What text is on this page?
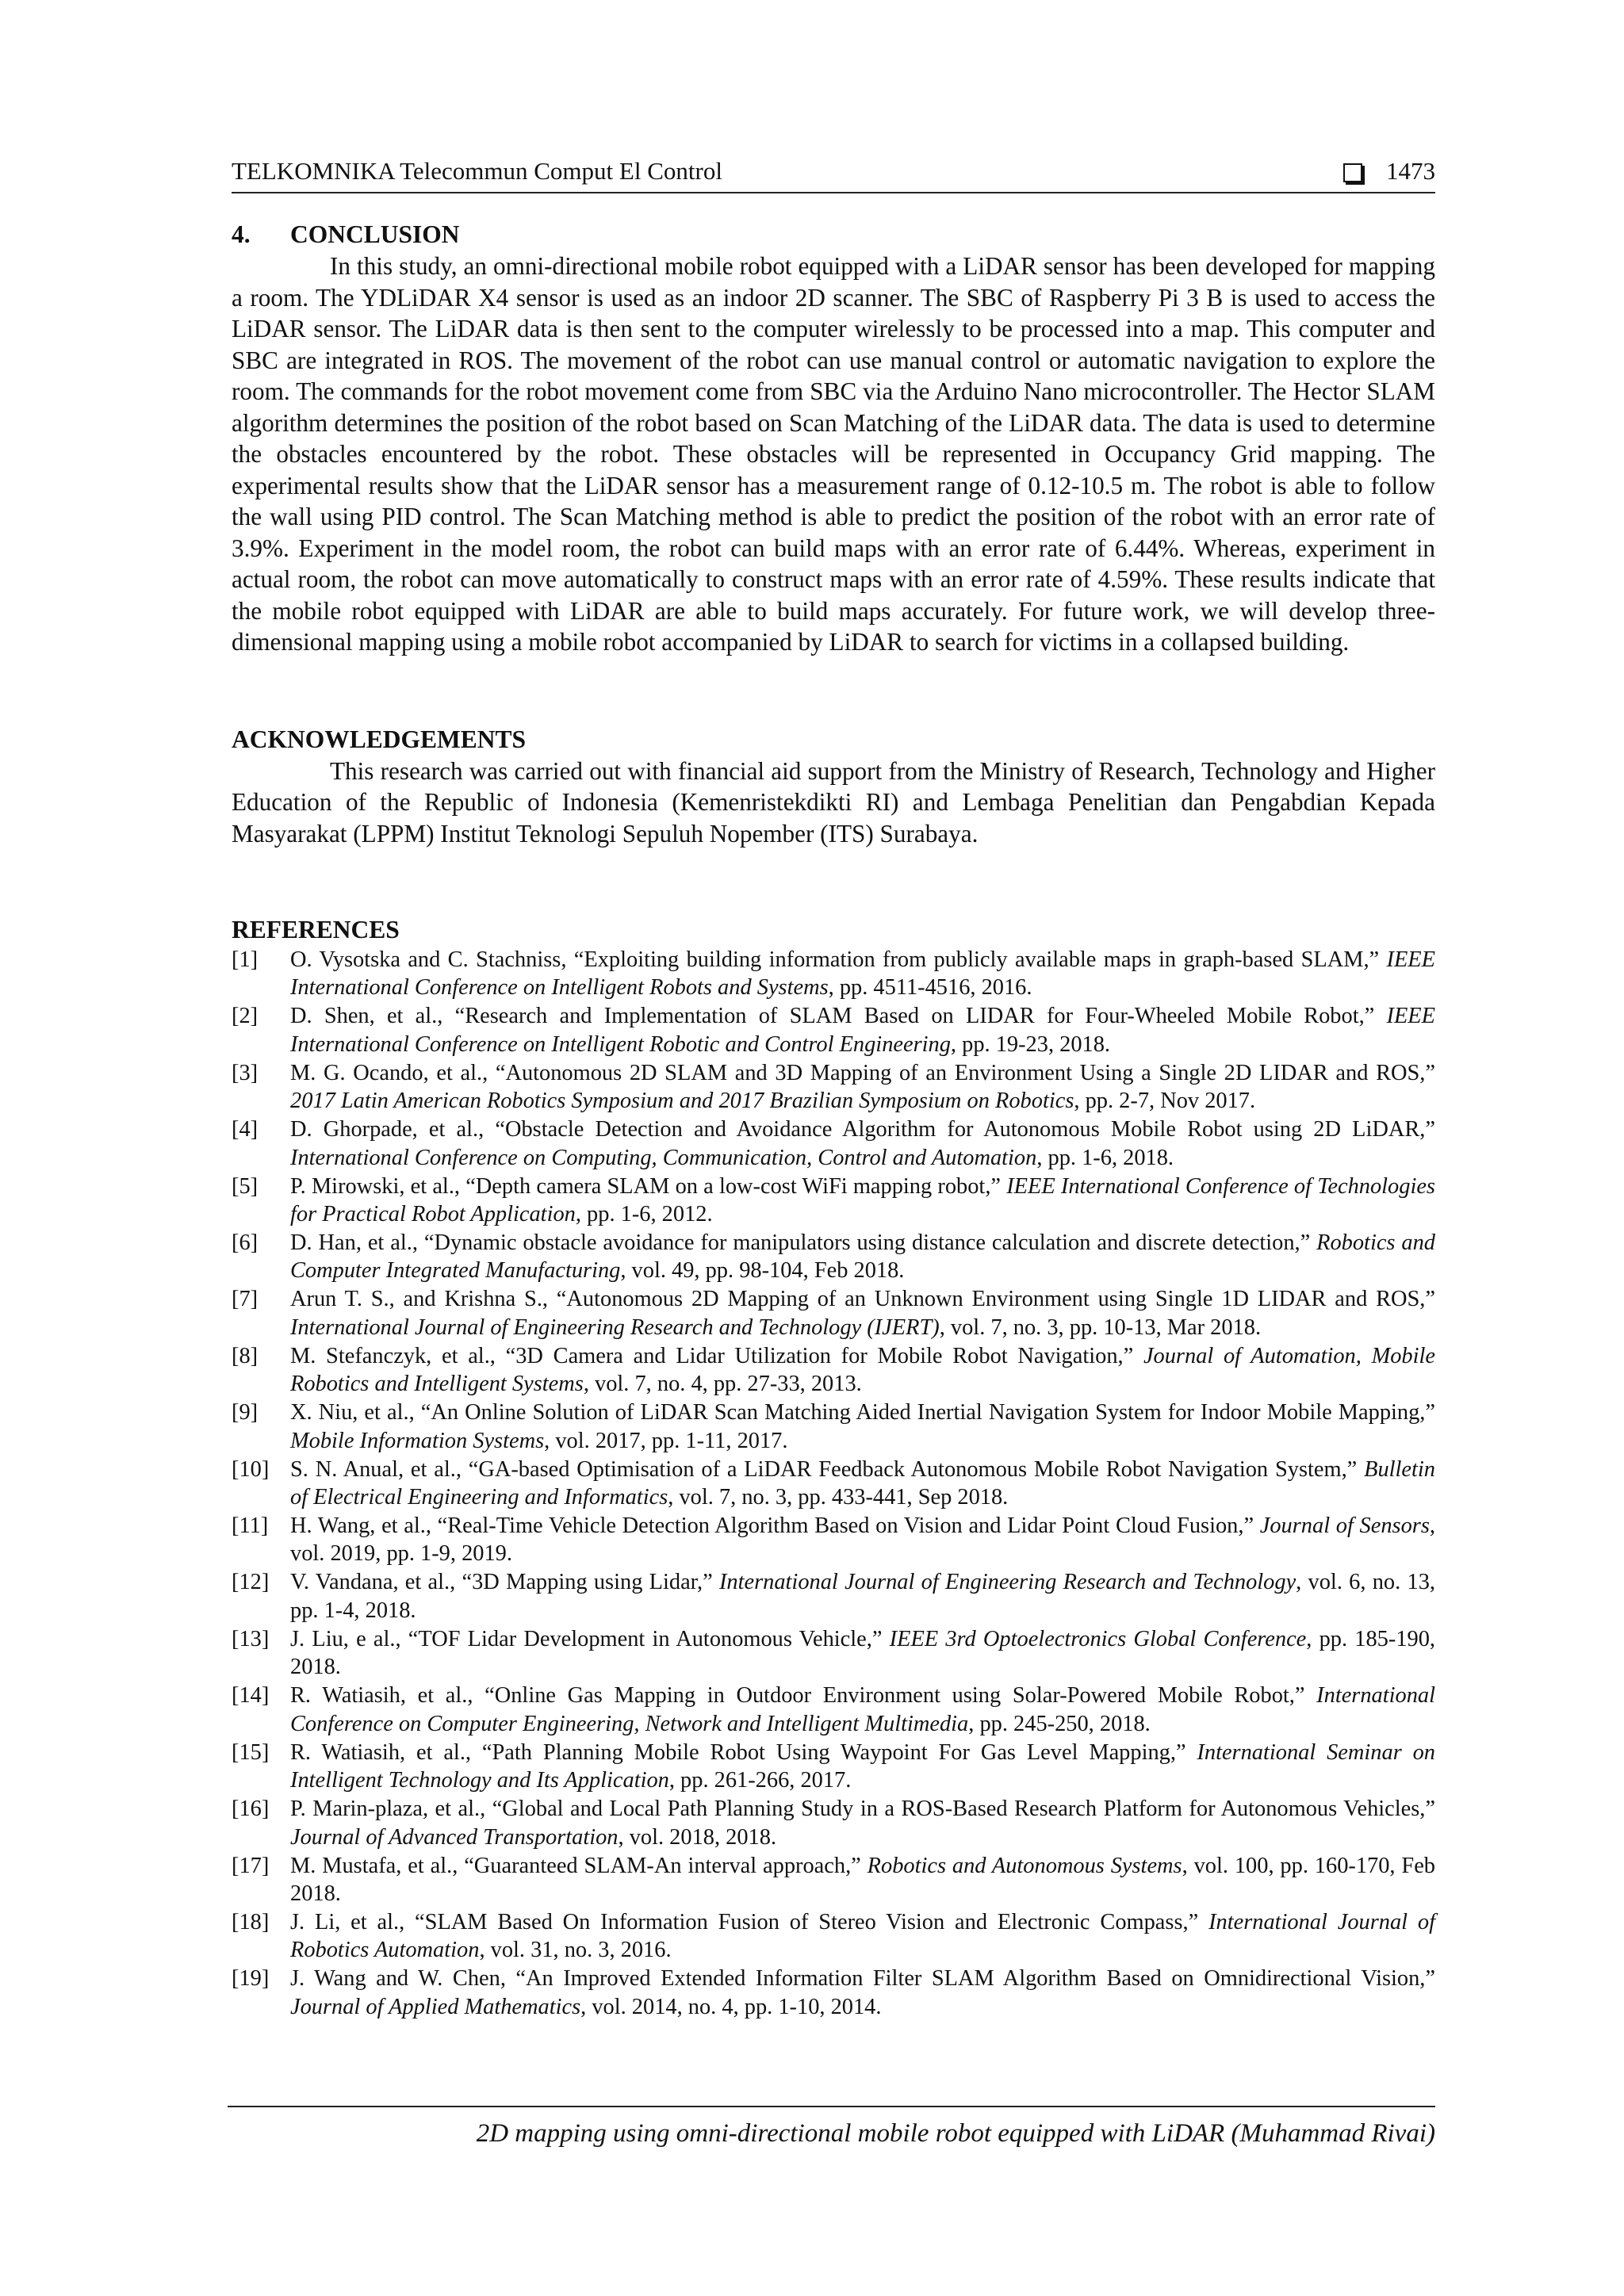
TELKOMNIKA Telecommun Comput El Control	1473
4. CONCLUSION

In this study, an omni-directional mobile robot equipped with a LiDAR sensor has been developed for mapping a room. The YDLiDAR X4 sensor is used as an indoor 2D scanner. The SBC of Raspberry Pi 3 B is used to access the LiDAR sensor. The LiDAR data is then sent to the computer wirelessly to be processed into a map. This computer and SBC are integrated in ROS. The movement of the robot can use manual control or automatic navigation to explore the room. The commands for the robot movement come from SBC via the Arduino Nano microcontroller. The Hector SLAM algorithm determines the position of the robot based on Scan Matching of the LiDAR data. The data is used to determine the obstacles encountered by the robot. These obstacles will be represented in Occupancy Grid mapping. The experimental results show that the LiDAR sensor has a measurement range of 0.12-10.5 m. The robot is able to follow the wall using PID control. The Scan Matching method is able to predict the position of the robot with an error rate of 3.9%. Experiment in the model room, the robot can build maps with an error rate of 6.44%. Whereas, experiment in actual room, the robot can move automatically to construct maps with an error rate of 4.59%. These results indicate that the mobile robot equipped with LiDAR are able to build maps accurately. For future work, we will develop three-dimensional mapping using a mobile robot accompanied by LiDAR to search for victims in a collapsed building.

ACKNOWLEDGEMENTS

This research was carried out with financial aid support from the Ministry of Research, Technology and Higher Education of the Republic of Indonesia (Kemenristekdikti RI) and Lembaga Penelitian dan Pengabdian Kepada Masyarakat (LPPM) Institut Teknologi Sepuluh Nopember (ITS) Surabaya.

REFERENCES
[1] O. Vysotska and C. Stachniss, “Exploiting building information from publicly available maps in graph-based SLAM,” IEEE International Conference on Intelligent Robots and Systems, pp. 4511-4516, 2016.
[2] D. Shen, et al., “Research and Implementation of SLAM Based on LIDAR for Four-Wheeled Mobile Robot,” IEEE International Conference on Intelligent Robotic and Control Engineering, pp. 19-23, 2018.
[3] M. G. Ocando, et al., “Autonomous 2D SLAM and 3D Mapping of an Environment Using a Single 2D LIDAR and ROS,” 2017 Latin American Robotics Symposium and 2017 Brazilian Symposium on Robotics, pp. 2-7, Nov 2017.
[4] D. Ghorpade, et al., “Obstacle Detection and Avoidance Algorithm for Autonomous Mobile Robot using 2D LiDAR,” International Conference on Computing, Communication, Control and Automation, pp. 1-6, 2018.
[5] P. Mirowski, et al., “Depth camera SLAM on a low-cost WiFi mapping robot,” IEEE International Conference of Technologies for Practical Robot Application, pp. 1-6, 2012.
[6] D. Han, et al., “Dynamic obstacle avoidance for manipulators using distance calculation and discrete detection,” Robotics and Computer Integrated Manufacturing, vol. 49, pp. 98-104, Feb 2018.
[7] Arun T. S., and Krishna S., “Autonomous 2D Mapping of an Unknown Environment using Single 1D LIDAR and ROS,” International Journal of Engineering Research and Technology (IJERT), vol. 7, no. 3, pp. 10-13, Mar 2018.
[8] M. Stefanczyk, et al., “3D Camera and Lidar Utilization for Mobile Robot Navigation,” Journal of Automation, Mobile Robotics and Intelligent Systems, vol. 7, no. 4, pp. 27-33, 2013.
[9] X. Niu, et al., “An Online Solution of LiDAR Scan Matching Aided Inertial Navigation System for Indoor Mobile Mapping,” Mobile Information Systems, vol. 2017, pp. 1-11, 2017.
[10] S. N. Anual, et al., “GA-based Optimisation of a LiDAR Feedback Autonomous Mobile Robot Navigation System,” Bulletin of Electrical Engineering and Informatics, vol. 7, no. 3, pp. 433-441, Sep 2018.
[11] H. Wang, et al., “Real-Time Vehicle Detection Algorithm Based on Vision and Lidar Point Cloud Fusion,” Journal of Sensors, vol. 2019, pp. 1-9, 2019.
[12] V. Vandana, et al., “3D Mapping using Lidar,” International Journal of Engineering Research and Technology, vol. 6, no. 13, pp. 1-4, 2018.
[13] J. Liu, e al., “TOF Lidar Development in Autonomous Vehicle,” IEEE 3rd Optoelectronics Global Conference, pp. 185-190, 2018.
[14] R. Watiasih, et al., “Online Gas Mapping in Outdoor Environment using Solar-Powered Mobile Robot,” International Conference on Computer Engineering, Network and Intelligent Multimedia, pp. 245-250, 2018.
[15] R. Watiasih, et al., “Path Planning Mobile Robot Using Waypoint For Gas Level Mapping,” International Seminar on Intelligent Technology and Its Application, pp. 261-266, 2017.
[16] P. Marin-plaza, et al., “Global and Local Path Planning Study in a ROS-Based Research Platform for Autonomous Vehicles,” Journal of Advanced Transportation, vol. 2018, 2018.
[17] M. Mustafa, et al., “Guaranteed SLAM-An interval approach,” Robotics and Autonomous Systems, vol. 100, pp. 160-170, Feb 2018.
[18] J. Li, et al., “SLAM Based On Information Fusion of Stereo Vision and Electronic Compass,” International Journal of Robotics Automation, vol. 31, no. 3, 2016.
[19] J. Wang and W. Chen, “An Improved Extended Information Filter SLAM Algorithm Based on Omnidirectional Vision,” Journal of Applied Mathematics, vol. 2014, no. 4, pp. 1-10, 2014.
2D mapping using omni-directional mobile robot equipped with LiDAR (Muhammad Rivai)
